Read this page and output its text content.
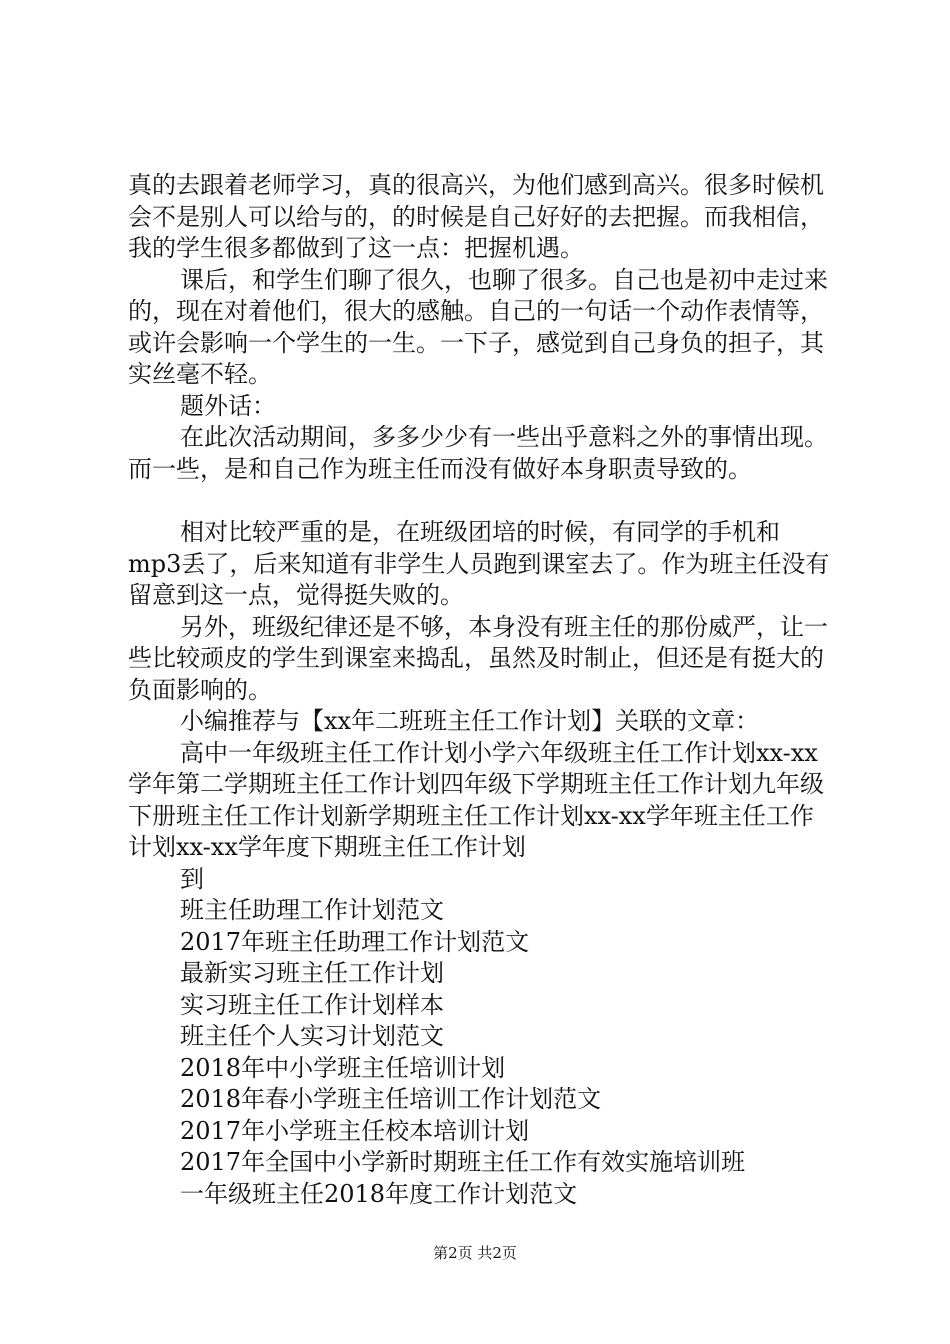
真的去跟着老师学习，真的很高兴，为他们感到高兴。很多时候机会不是别人可以给与的，的时候是自己好好的去把握。而我相信，我的学生很多都做到了这一点：把握机遇。

课后，和学生们聊了很久，也聊了很多。自己也是初中走过来的，现在对着他们，很大的感触。自己的一句话一个动作表情等，或许会影响一个学生的一生。一下子，感觉到自己身负的担子，其实丝毫不轻。

题外话：

在此次活动期间，多多少少有一些出乎意料之外的事情出现。而一些，是和自己作为班主任而没有做好本身职责导致的。

相对比较严重的是，在班级团培的时候，有同学的手机和mp3丢了，后来知道有非学生人员跑到课室去了。作为班主任没有留意到这一点，觉得挺失败的。

另外，班级纪律还是不够，本身没有班主任的那份威严，让一些比较顽皮的学生到课室来捣乱，虽然及时制止，但还是有挺大的负面影响的。

小编推荐与【xx年二班班主任工作计划】关联的文章：

高中一年级班主任工作计划小学六年级班主任工作计划xx-xx学年第二学期班主任工作计划四年级下学期班主任工作计划九年级下册班主任工作计划新学期班主任工作计划xx-xx学年班主任工作计划xx-xx学年度下期班主任工作计划

到

班主任助理工作计划范文

2017年班主任助理工作计划范文

最新实习班主任工作计划

实习班主任工作计划样本

班主任个人实习计划范文

2018年中小学班主任培训计划

2018年春小学班主任培训工作计划范文

2017年小学班主任校本培训计划

2017年全国中小学新时期班主任工作有效实施培训班

一年级班主任2018年度工作计划范文

第2页 共2页
